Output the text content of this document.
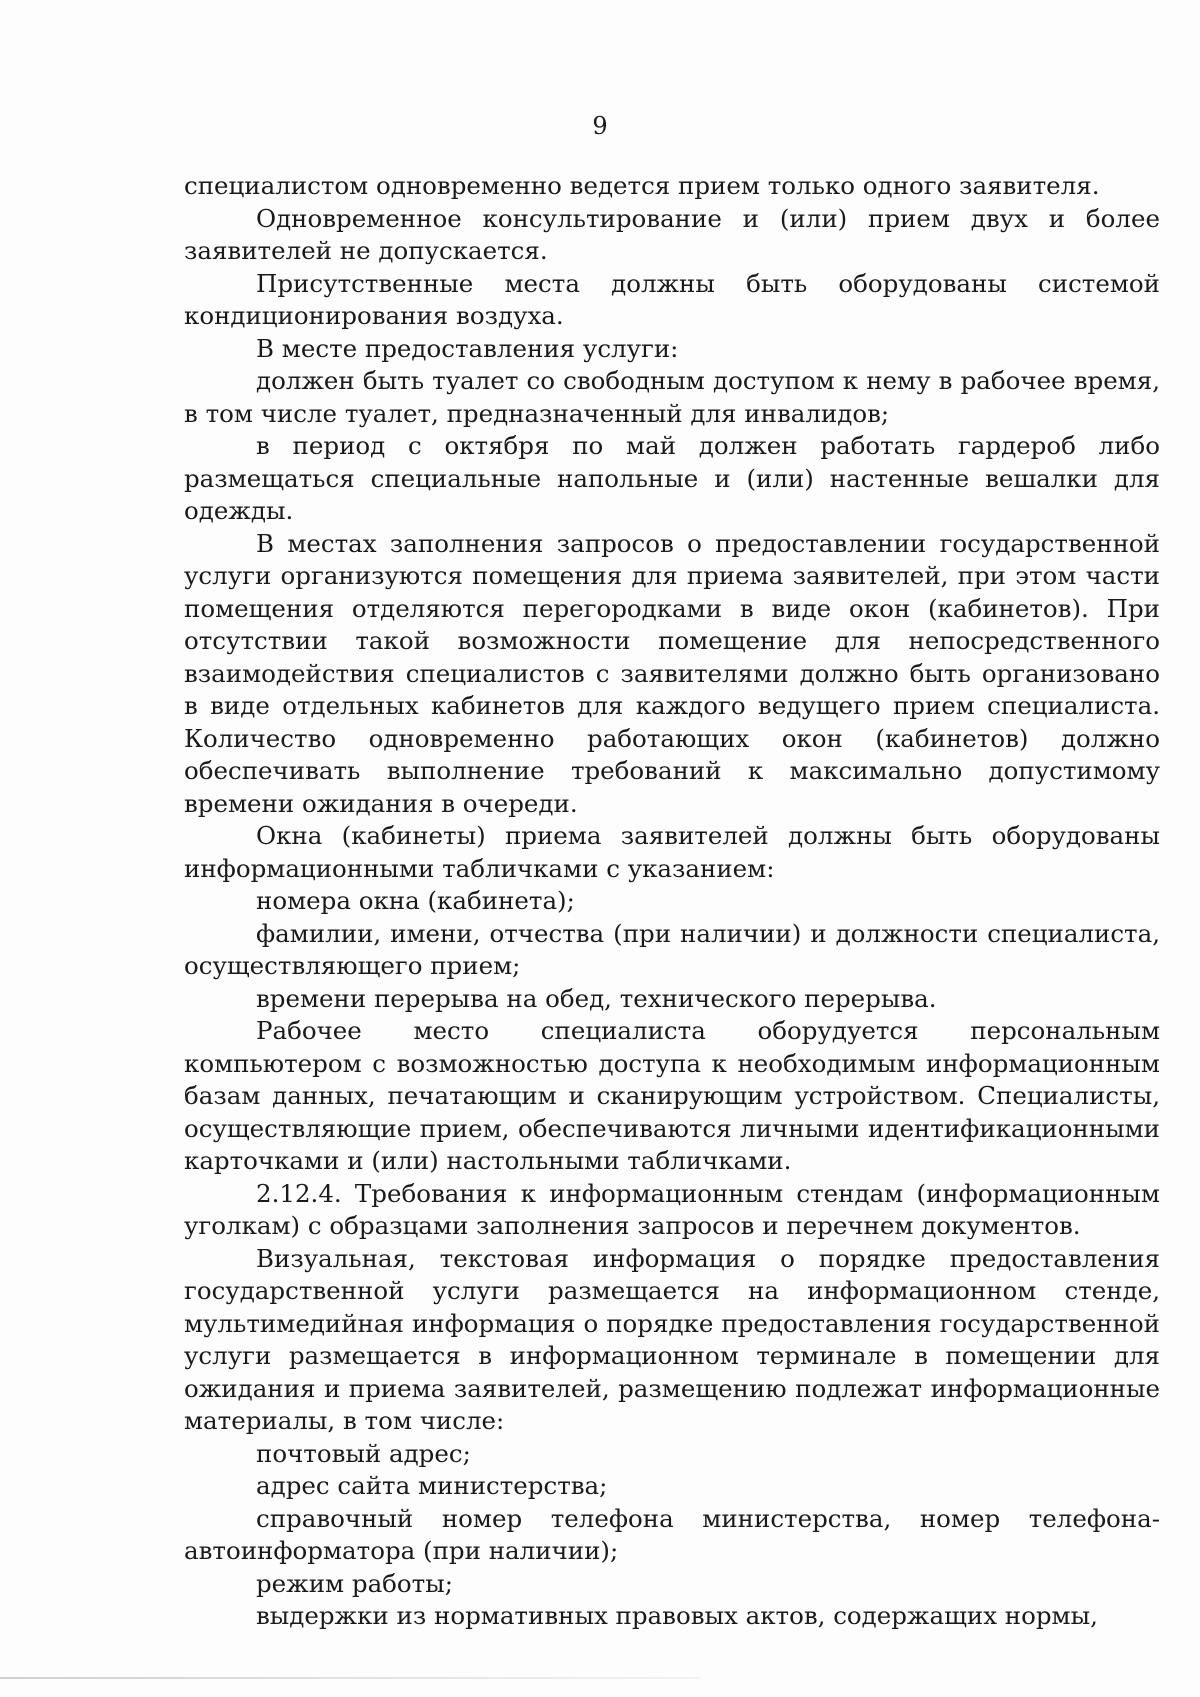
9

специалистом одновременно ведется прием только одного заявителя.

Одновременное консультирование и (или) прием двух и более заявителей не допускается.

Присутственные места должны быть оборудованы системой кондиционирования воздуха.

В месте предоставления услуги:

должен быть туалет со свободным доступом к нему в рабочее время, в том числе туалет, предназначенный для инвалидов;

в период с октября по май должен работать гардероб либо размещаться специальные напольные и (или) настенные вешалки для одежды.

В местах заполнения запросов о предоставлении государственной услуги организуются помещения для приема заявителей, при этом части помещения отделяются перегородками в виде окон (кабинетов). При отсутствии такой возможности помещение для непосредственного взаимодействия специалистов с заявителями должно быть организовано в виде отдельных кабинетов для каждого ведущего прием специалиста. Количество одновременно работающих окон (кабинетов) должно обеспечивать выполнение требований к максимально допустимому времени ожидания в очереди.

Окна (кабинеты) приема заявителей должны быть оборудованы информационными табличками с указанием:

номера окна (кабинета);

фамилии, имени, отчества (при наличии) и должности специалиста, осуществляющего прием;

времени перерыва на обед, технического перерыва.

Рабочее место специалиста оборудуется персональным компьютером с возможностью доступа к необходимым информационным базам данных, печатающим и сканирующим устройством. Специалисты, осуществляющие прием, обеспечиваются личными идентификационными карточками и (или) настольными табличками.

2.12.4. Требования к информационным стендам (информационным уголкам) с образцами заполнения запросов и перечнем документов.

Визуальная, текстовая информация о порядке предоставления государственной услуги размещается на информационном стенде, мультимедийная информация о порядке предоставления государственной услуги размещается в информационном терминале в помещении для ожидания и приема заявителей, размещению подлежат информационные материалы, в том числе:

почтовый адрес;

адрес сайта министерства;

справочный номер телефона министерства, номер телефона-автоинформатора (при наличии);

режим работы;

выдержки из нормативных правовых актов, содержащих нормы,
